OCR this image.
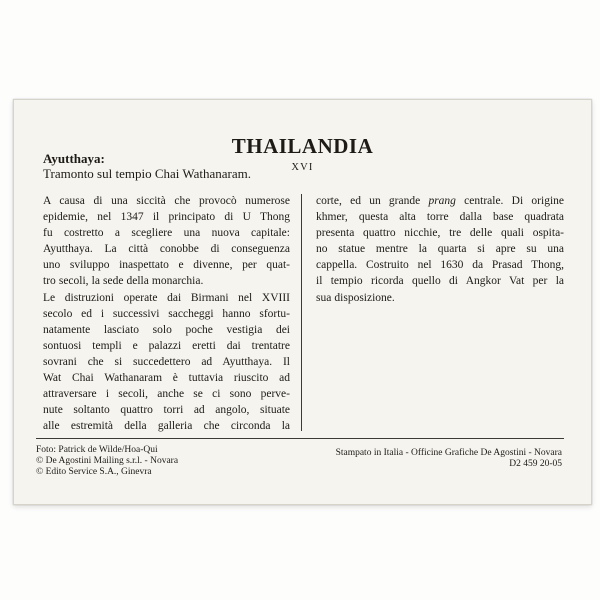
THAILANDIA
Ayutthaya:
Tramonto sul tempio Chai Wathanaram.	XVI
A causa di una siccità che provocò numerose
epidemie, nel 1347 il principato di U Thong
fu costretto a scegliere una nuova capitale:
Ayutthaya. La città conobbe di conseguenza
uno sviluppo inaspettato e divenne, per quat-
tro secoli, la sede della monarchia.
Le distruzioni operate dai Birmani nel XVIII
secolo ed i successivi saccheggi hanno sfortu-
natamente lasciato solo poche vestigia dei
sontuosi templi e palazzi eretti dai trentatre
sovrani che si succedettero ad Ayutthaya. Il
Wat Chai Wathanaram è tuttavia riuscito ad
attraversare i secoli, anche se ci sono perve-
nute soltanto quattro torri ad angolo, situate
alle estremità della galleria che circonda la
corte, ed un grande prang centrale. Di origine
khmer, questa alta torre dalla base quadrata
presenta quattro nicchie, tre delle quali ospita-
no statue mentre la quarta si apre su una
cappella. Costruito nel 1630 da Prasad Thong,
il tempio ricorda quello di Angkor Vat per la
sua disposizione.
Foto: Patrick de Wilde/Hoa-Qui
© De Agostini Mailing s.r.l. - Novara
© Edito Service S.A., Ginevra
Stampato in Italia - Officine Grafiche De Agostini - Novara
D2 459 20-05
